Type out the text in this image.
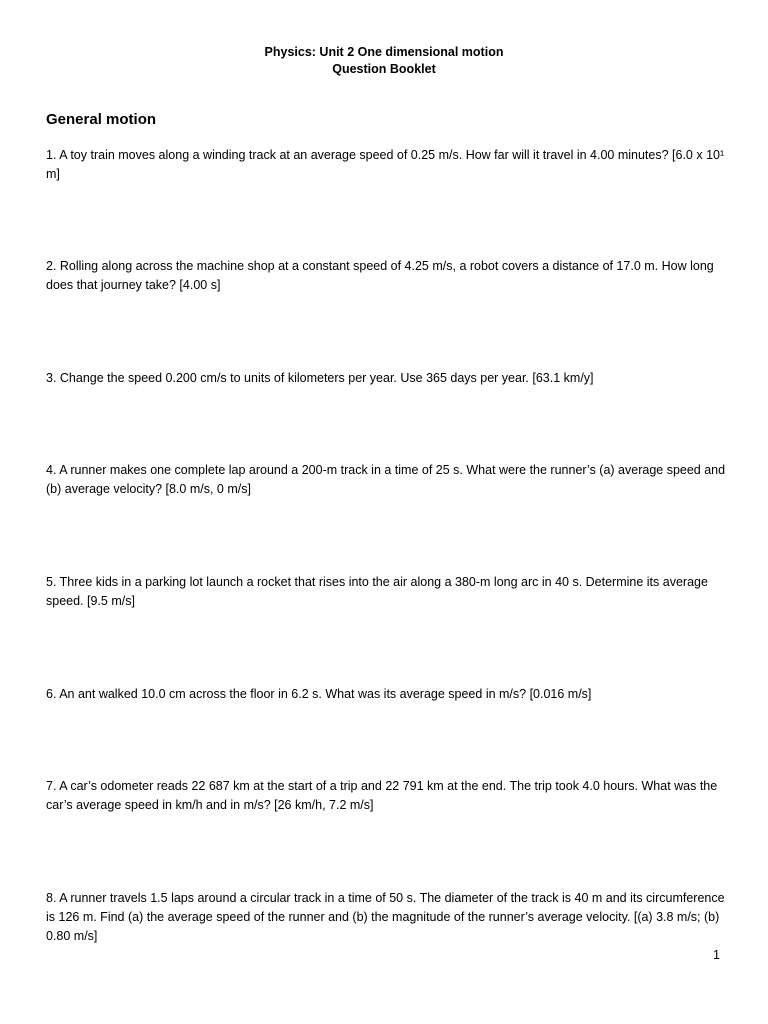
Physics: Unit 2 One dimensional motion
Question Booklet
General motion

1. A toy train moves along a winding track at an average speed of 0.25 m/s. How far will it travel in 4.00 minutes? [6.0 x 10¹ m]

2. Rolling along across the machine shop at a constant speed of 4.25 m/s, a robot covers a distance of 17.0 m. How long does that journey take? [4.00 s]

3. Change the speed 0.200 cm/s to units of kilometers per year. Use 365 days per year. [63.1 km/y]

4. A runner makes one complete lap around a 200-m track in a time of 25 s. What were the runner’s (a) average speed and (b) average velocity? [8.0 m/s, 0 m/s]

5. Three kids in a parking lot launch a rocket that rises into the air along a 380-m long arc in 40 s. Determine its average speed. [9.5 m/s]

6. An ant walked 10.0 cm across the floor in 6.2 s. What was its average speed in m/s? [0.016 m/s]

7. A car’s odometer reads 22 687 km at the start of a trip and 22 791 km at the end. The trip took 4.0 hours. What was the car’s average speed in km/h and in m/s? [26 km/h, 7.2 m/s]

8. A runner travels 1.5 laps around a circular track in a time of 50 s. The diameter of the track is 40 m and its circumference is 126 m. Find (a) the average speed of the runner and (b) the magnitude of the runner’s average velocity. [(a) 3.8 m/s; (b) 0.80 m/s]

1
